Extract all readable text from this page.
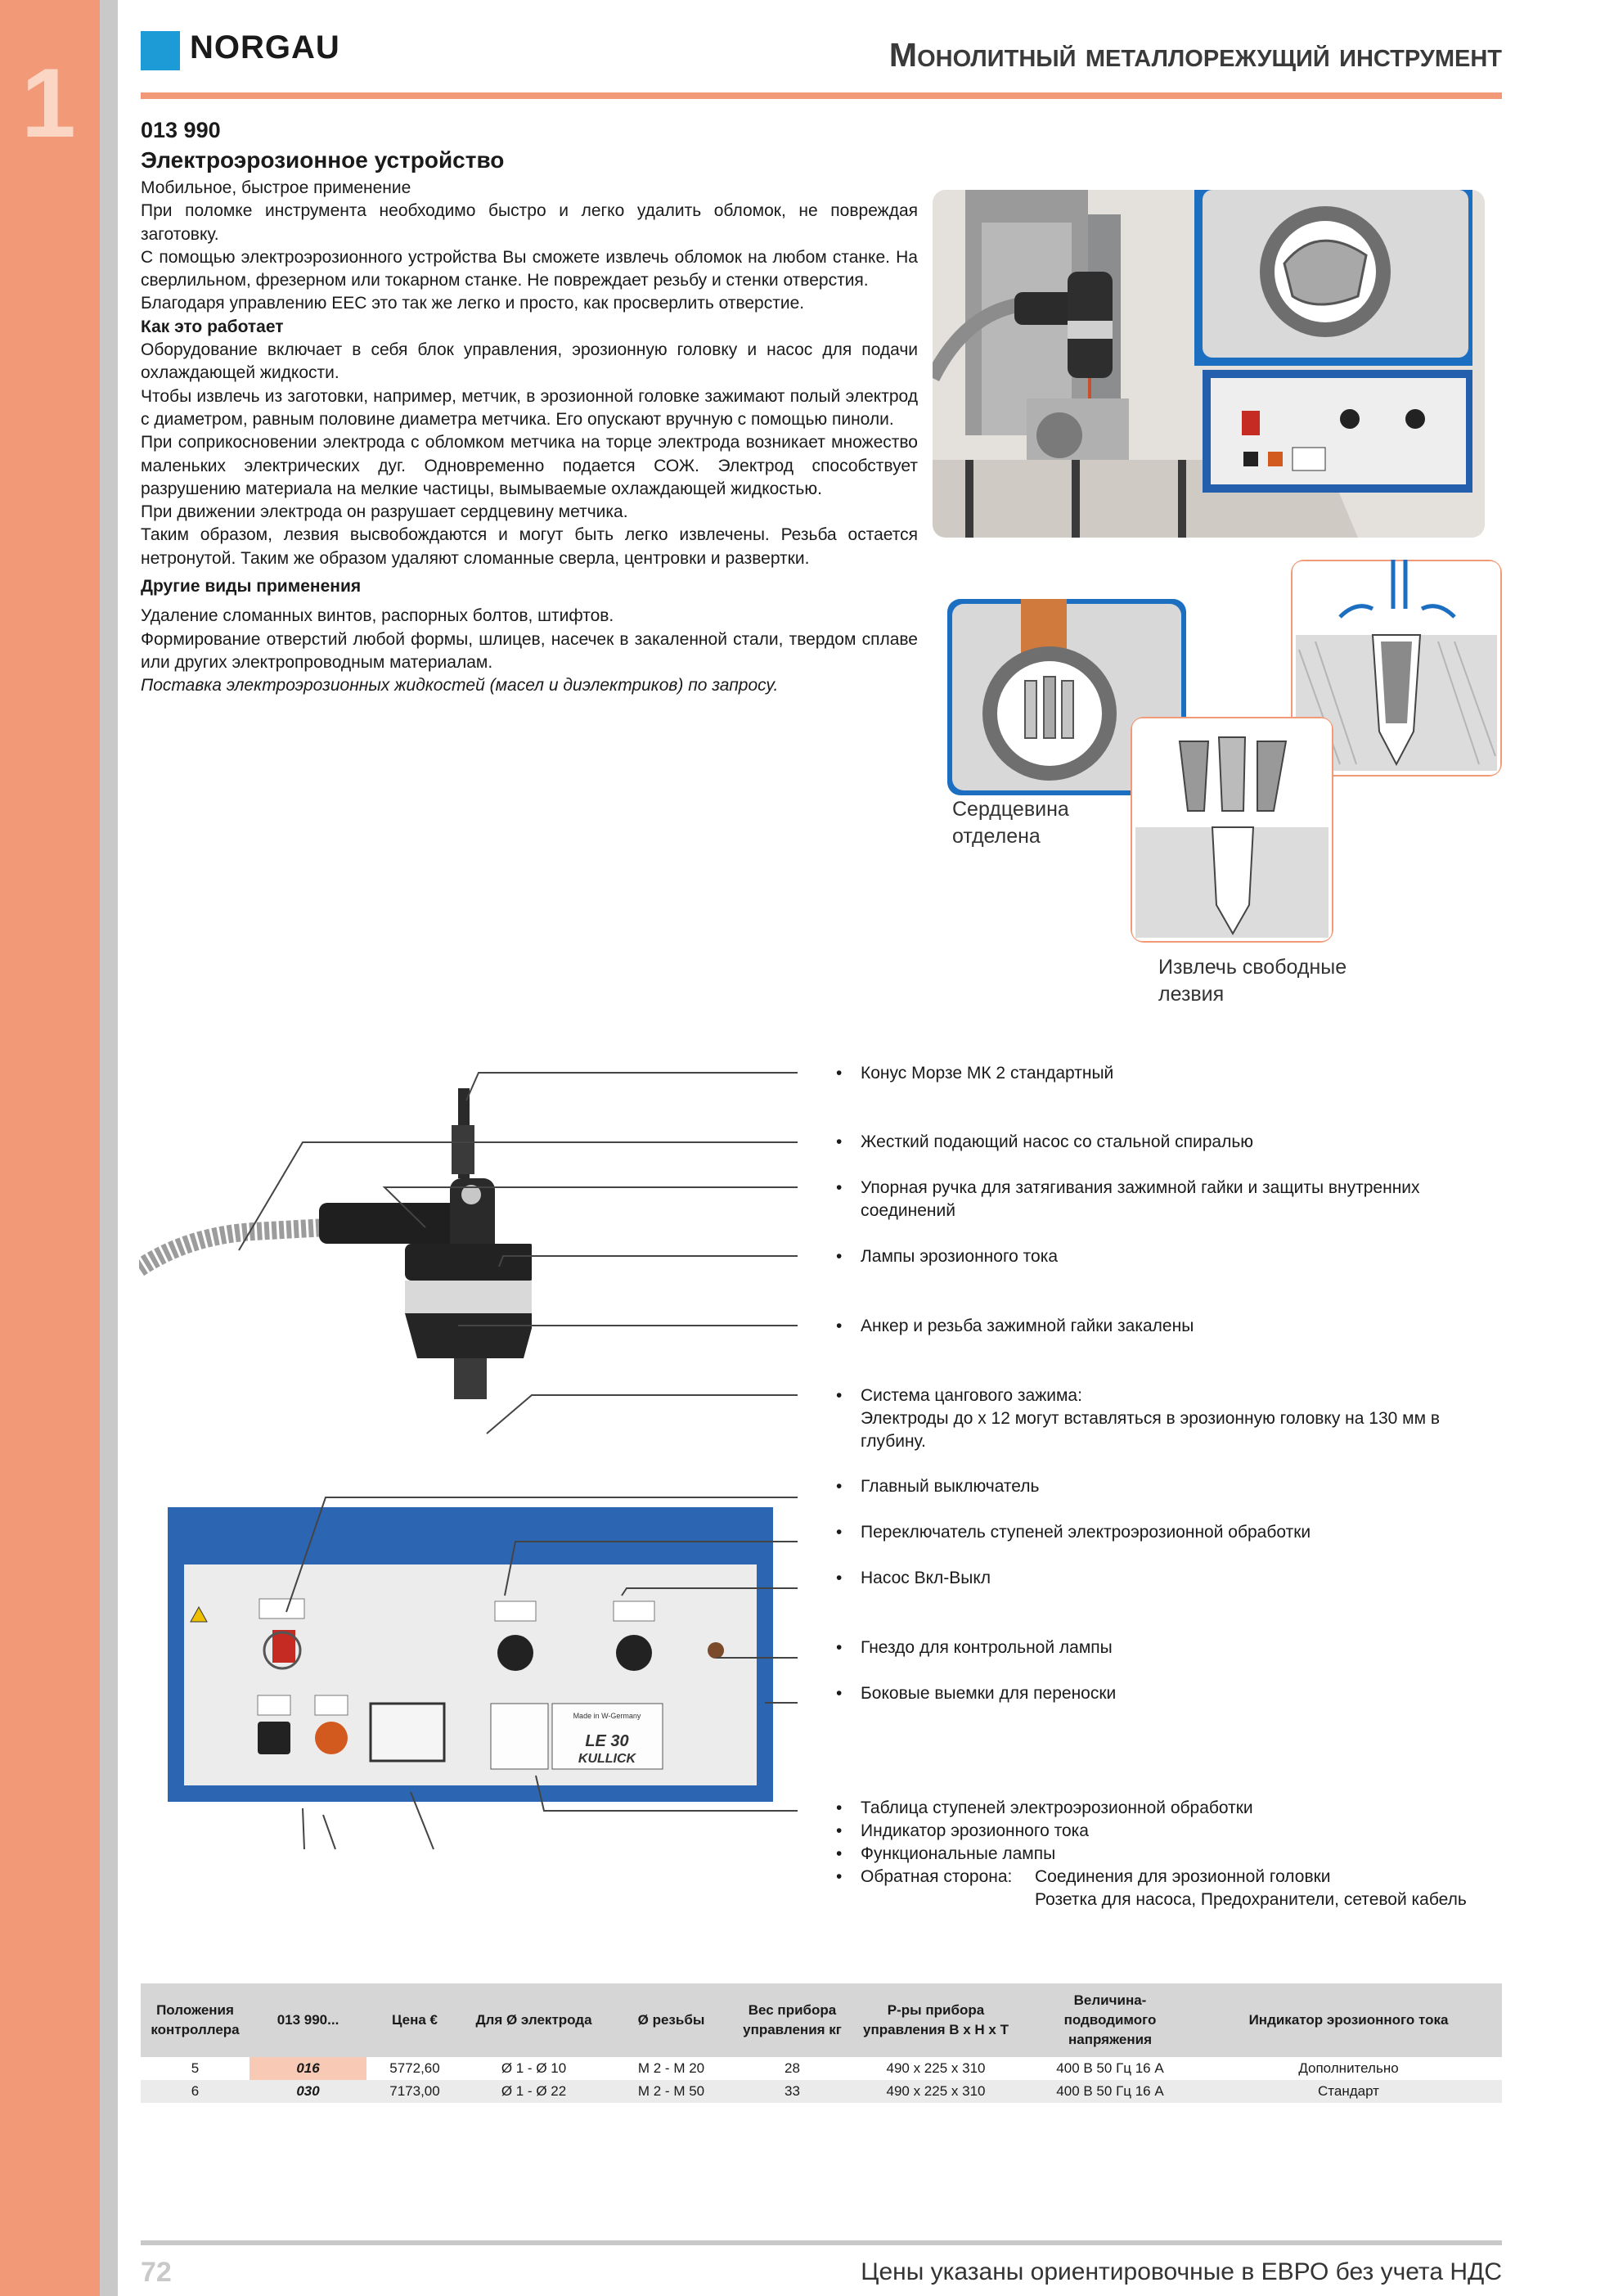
1
NORGAU	Монолитный металлорежущий инструмент
013 990
Электроэрозионное устройство

Мобильное, быстрое применение

При поломке инструмента необходимо быстро и легко удалить обломок, не повреждая заготовку.

С помощью электроэрозионного устройства Вы сможете извлечь обломок на любом станке. На сверлильном, фрезерном или токарном станке. Не повреждает резьбу и стенки отверстия.

Благодаря управлению EEC это так же легко и просто, как просверлить отверстие.

Как это работает

Оборудование включает в себя блок управления, эрозионную головку и насос для подачи охлаждающей жидкости.

Чтобы извлечь из заготовки, например, метчик, в эрозионной головке зажимают полый электрод с диаметром, равным половине диаметра метчика. Его опускают вручную с помощью пиноли.

При соприкосновении электрода с обломком метчика на торце электрода возникает множество маленьких электрических дуг. Одновременно подается СОЖ. Электрод способствует разрушению материала на мелкие частицы, вымываемые охлаждающей жидкостью.

При движении электрода он разрушает сердцевину метчика.

Таким образом, лезвия высвобождаются и могут быть легко извлечены. Резьба остается нетронутой. Таким же образом удаляют сломанные сверла, центровки и развертки.

Другие виды применения

Удаление сломанных винтов, распорных болтов, штифтов.

Формирование отверстий любой формы, шлицев, насечек в закаленной стали, твердом сплаве или других электропроводным материалам.

Поставка электроэрозионных жидкостей (масел и диэлектриков) по запросу.

Сердцевина
отделена
Извлечь свободные
лезвия
Made in W-Germany
LE 30
KULLICK
• Конус Морзе МК 2 стандартный
• Жесткий подающий насос со стальной спиралью
• Упорная ручка для затягивания зажимной гайки и защиты внутренних соединений
• Лампы эрозионного тока
• Анкер и резьба зажимной гайки закалены
• Система цангового зажима:
Электроды до x 12 могут вставляться в эрозионную головку на 130 мм в глубину.
• Главный выключатель
• Переключатель ступеней электроэрозионной обработки
• Насос Вкл-Выкл
• Гнездо для контрольной лампы
• Боковые выемки для переноски
• Таблица ступеней электроэрозионной обработки
• Индикатор эрозионного тока
• Функциональные лампы
• Обратная сторона:	Соединения для эрозионной головки
Розетка для насоса, Предохранители, сетевой кабель
Положения контроллера	013 990...	Цена €	Для Ø электрода	Ø резьбы	Вес прибора управления кг	Р-ры прибора управления В х Н х Т	Величина-подводимого напряжения	Индикатор эрозионного тока
5	016	5772,60	Ø 1 - Ø 10	M 2 - M 20	28	490 x 225 x 310	400 В 50 Гц 16 А	Дополнительно
6	030	7173,00	Ø 1 - Ø 22	M 2 - M 50	33	490 x 225 x 310	400 В 50 Гц 16 А	Стандарт
72	Цены указаны ориентировочные в ЕВРО без учета НДС
